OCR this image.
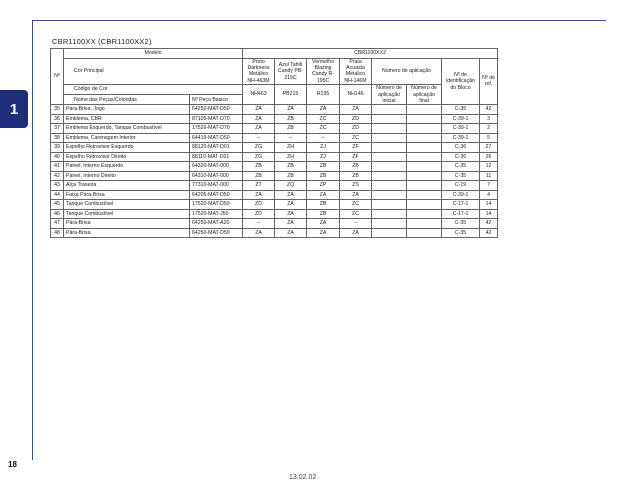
1
CBR1100XX (CBR1100XX2)
Nº	Modelo		CBR1100XX2							
	Cor Principal		Preto Darkness Metálico NH-463M	Azul Tahiti Candy PB-215C	Vermelho Blazing Candy R-195C	Prata Acuasta Metálico NH-146M	Número de aplicação		Nº de identificação do Bloco	Nº de ref.

	Código de Cor		NH463	PB215	R195	NH146	Número de aplicação inicial	Número de aplicação final		
	Nome das Peças/Coloridas	Nº Peça Básico								
35	Pára-Brisa, Jogo	64250-MAT-D50	ZA	ZA	ZA	ZA			C-35	42
36	Emblema, CBR	87105-MAT-D70	ZA	ZB	ZC	ZD			C-39-1	3
37	Emblema Esquerdo, Tanque Combustível	17526-MAT-D70	ZA	ZB	ZC	ZD			C-39-1	2
38	Emblema, Carenagem Interior	64419-MAT-D50	–	–	–	ZC			C-39-1	5
39	Espelho Retrovisor Esquerdo	88120-MAT-D01	ZG	ZH	ZJ	ZF			C-36	27
40	Espelho Retrovisor Direito	88110-MAT-D01	ZG	ZH	ZJ	ZF			C-36	26
41	Painel, Interno Esquerdo	64320-MAT-000	ZB	ZB	ZB	ZB			C-35	12
42	Painel, Interno Direito	64310-MAT-000	ZB	ZB	ZB	ZB			C-35	11
43	Alça Traseira	77310-MAT-000	ZT	ZQ	ZP	ZS			C-19	7
44	Faixa Pára-Brisa	64205-MAT-D50	ZA	ZA	ZA	ZA			C-39-1	4
45	Tanque Combustível	17520-MAT-D50	ZD	ZA	ZB	ZC			C-17-1	14
46	Tanque Combustível	17520-MAT-J50	ZD	ZA	ZB	ZC			C-17-1	14
47	Pára-Brisa	64250-MAT-A20	–	ZA	ZA	–			C-35	42
48	Pára-Brisa	64250-MAT-D50	ZA	ZA	ZA	ZA			C-35	42
18
13.02.02
